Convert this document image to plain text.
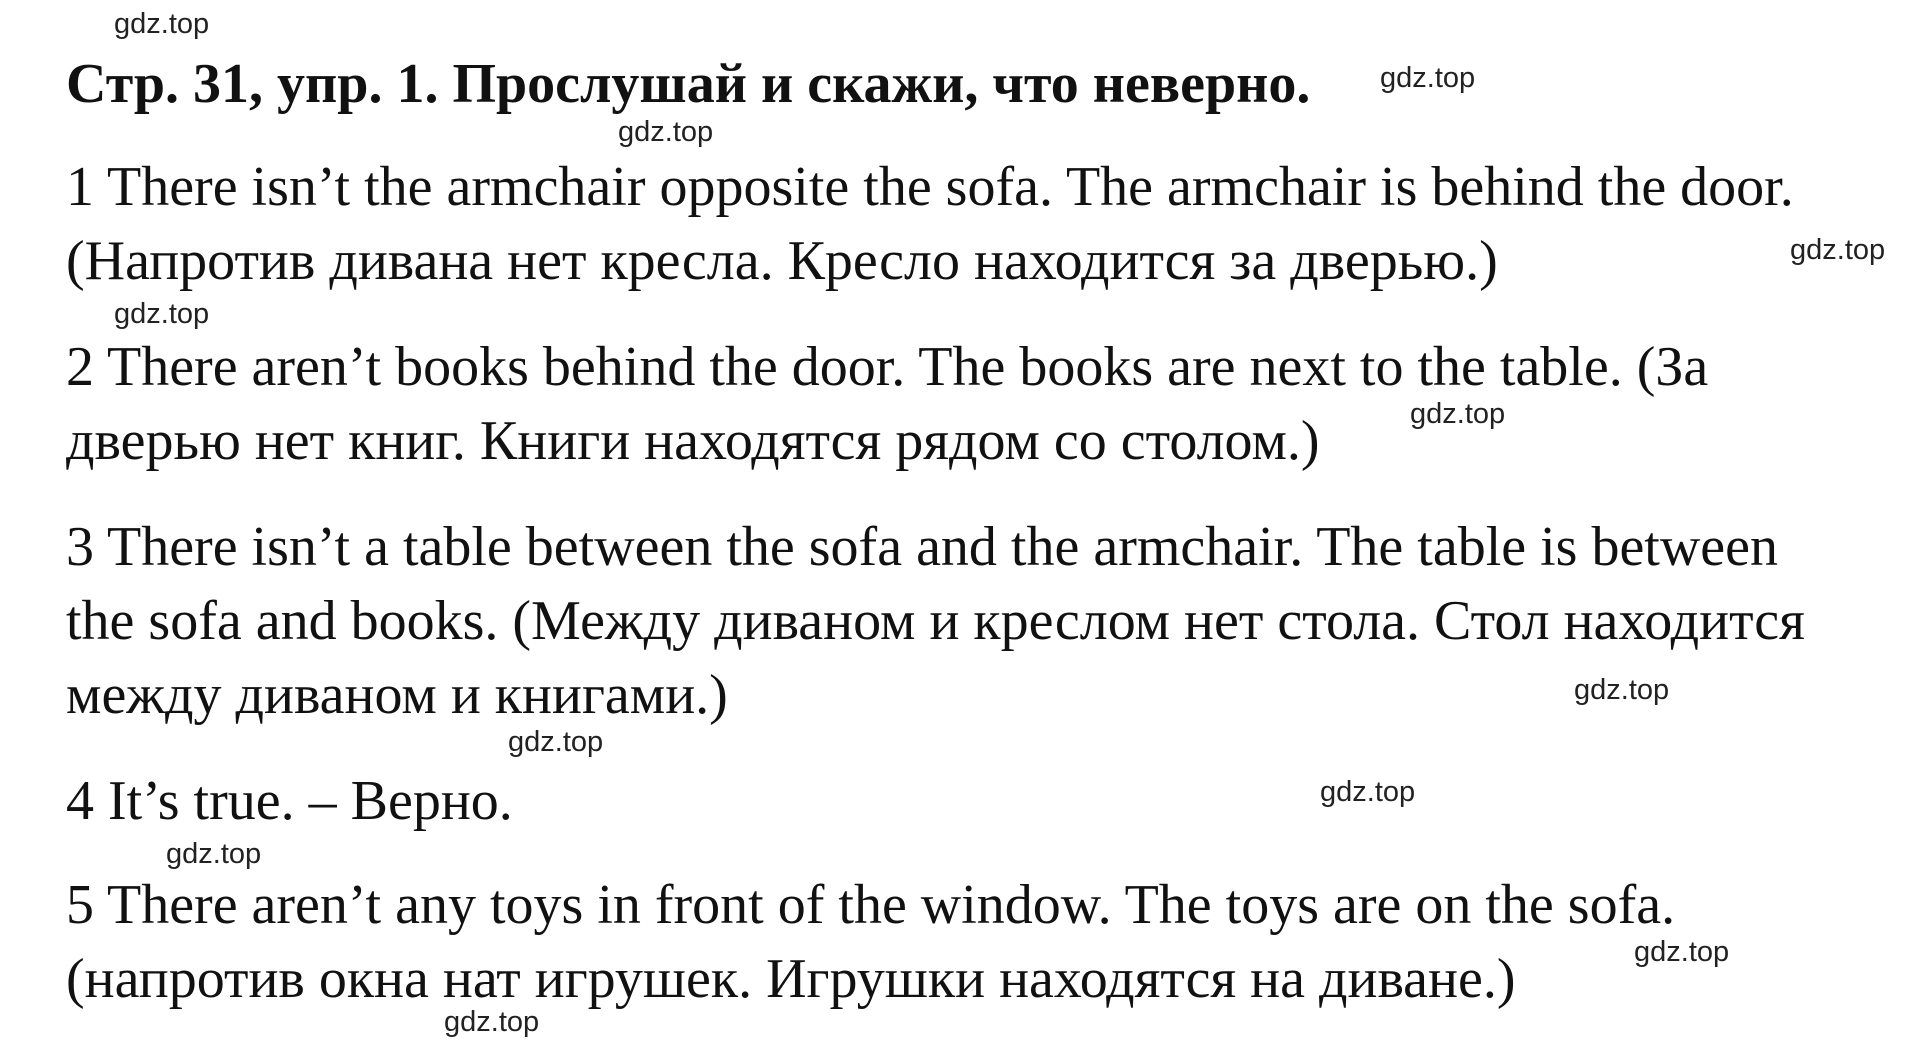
Стр. 31, упр. 1. Прослушай и скажи, что неверно.

1 There isn’t the armchair opposite the sofa. The armchair is behind the door. (Напротив дивана нет кресла. Кресло находится за дверью.)

2 There aren’t books behind the door. The books are next to the table. (За дверью нет книг. Книги находятся рядом со столом.)

3 There isn’t a table between the sofa and the armchair. The table is between the sofa and books. (Между диваном и креслом нет стола. Стол находится между диваном и книгами.)

4 It’s true. – Верно.

5 There aren’t any toys in front of the window. The toys are on the sofa. (напротив окна нат игрушек. Игрушки находятся на диване.)

gdz.top
gdz.top
gdz.top
gdz.top
gdz.top
gdz.top
gdz.top
gdz.top
gdz.top
gdz.top
gdz.top
gdz.top
